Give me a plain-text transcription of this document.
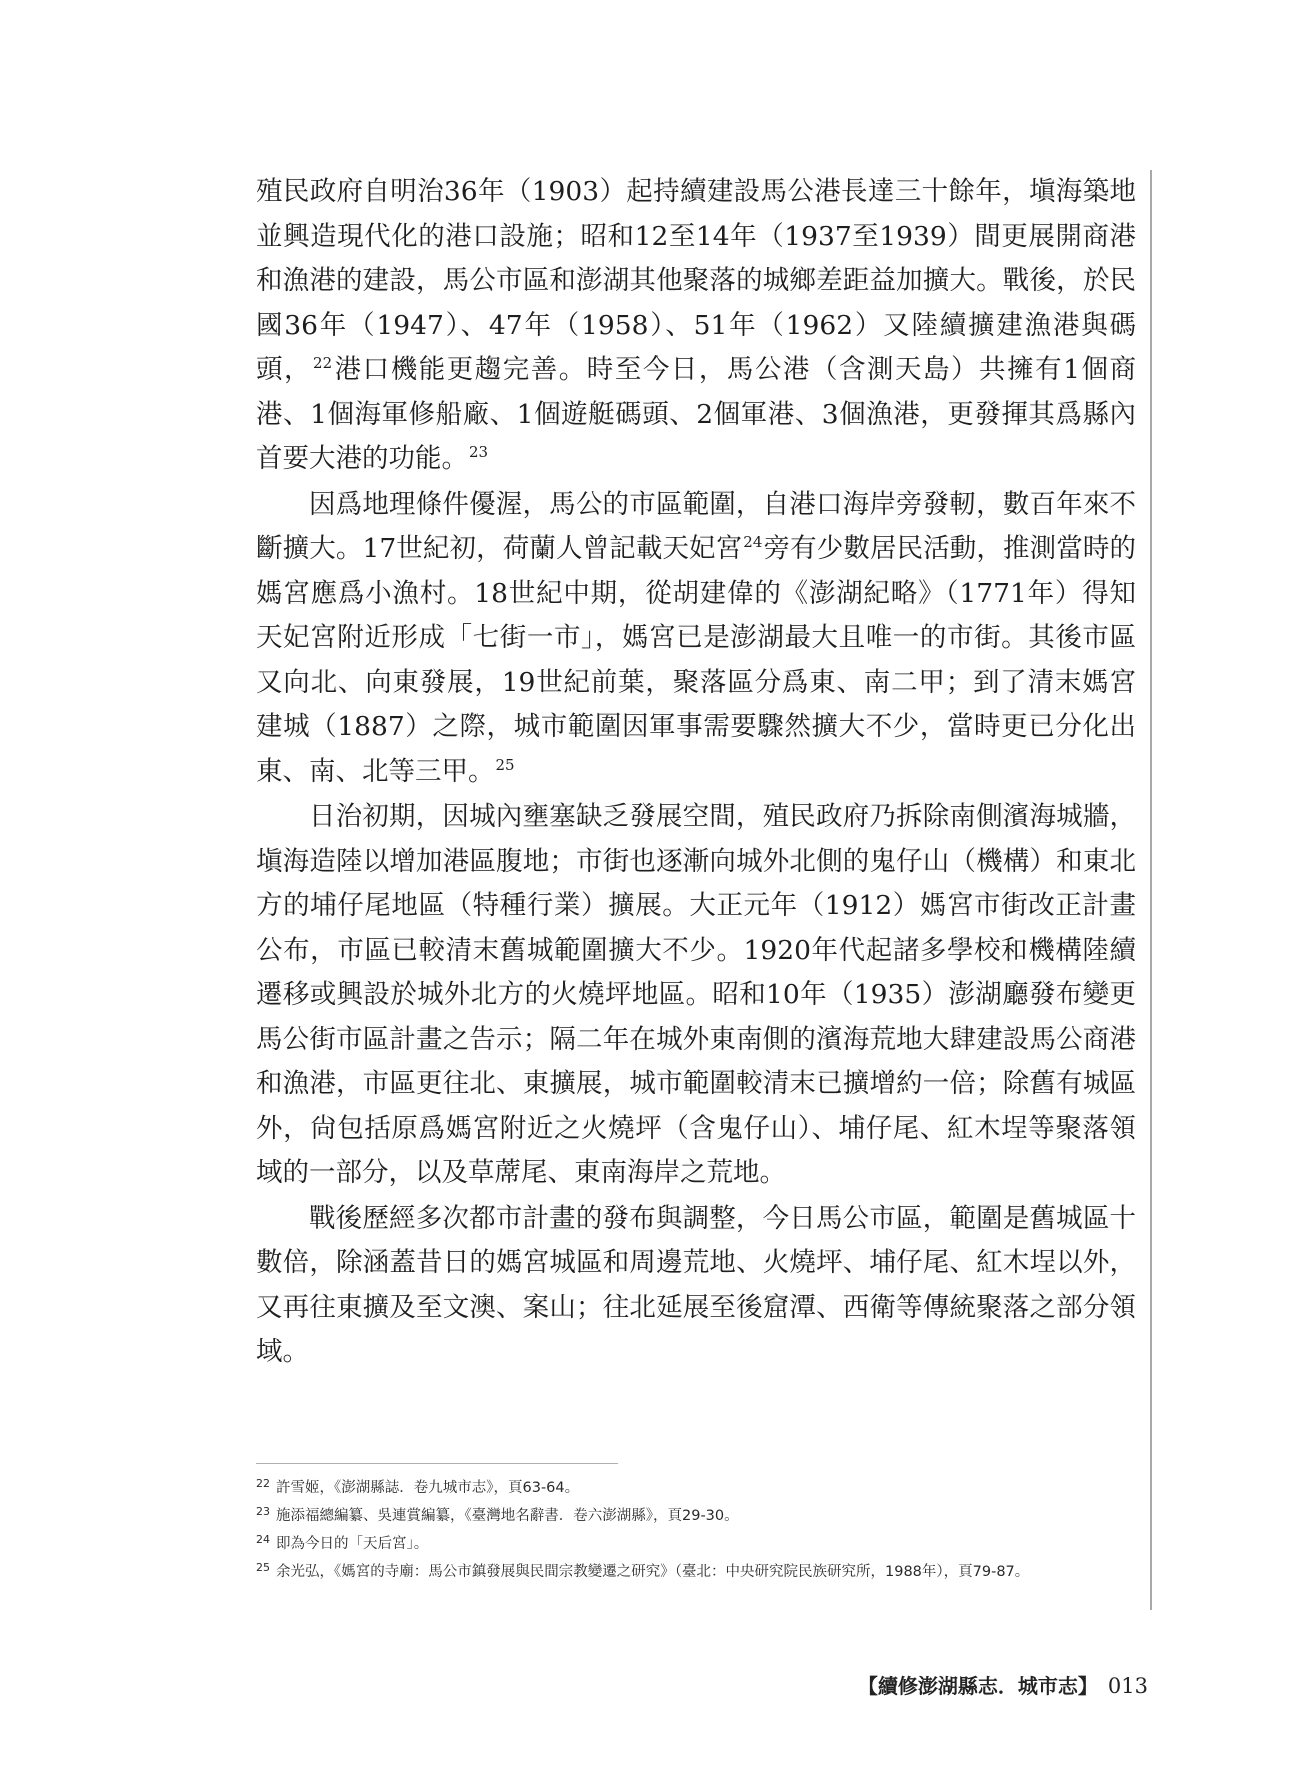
殖民政府自明治36年（1903）起持續建設馬公港長達三十餘年，塡海築地並興造現代化的港口設施；昭和12至14年（1937至1939）間更展開商港和漁港的建設，馬公市區和澎湖其他聚落的城鄉差距益加擴大。戰後，於民國36年（1947）、47年（1958）、51年（1962）又陸續擴建漁港與碼頭，$^{22}$港口機能更趨完善。時至今日，馬公港（含測天島）共擁有1個商港、1個海軍修船廠、1個遊艇碼頭、2個軍港、3個漁港，更發揮其爲縣內首要大港的功能。$^{23}$

因爲地理條件優渥，馬公的市區範圍，自港口海岸旁發軔，數百年來不斷擴大。17世紀初，荷蘭人曾記載天妃宮$^{24}$旁有少數居民活動，推測當時的媽宮應爲小漁村。18世紀中期，從胡建偉的《澎湖紀略》（1771年）得知天妃宮附近形成「七街一市」，媽宮已是澎湖最大且唯一的市街。其後市區又向北、向東發展，19世紀前葉，聚落區分爲東、南二甲；到了清末媽宮建城（1887）之際，城市範圍因軍事需要驟然擴大不少，當時更已分化出東、南、北等三甲。$^{25}$

日治初期，因城內壅塞缺乏發展空間，殖民政府乃拆除南側濱海城牆，塡海造陸以增加港區腹地；市街也逐漸向城外北側的鬼仔山（機構）和東北方的埔仔尾地區（特種行業）擴展。大正元年（1912）媽宮市街改正計畫公布，市區已較清末舊城範圍擴大不少。1920年代起諸多學校和機構陸續遷移或興設於城外北方的火燒坪地區。昭和10年（1935）澎湖廳發布變更馬公街市區計畫之告示；隔二年在城外東南側的濱海荒地大肆建設馬公商港和漁港，市區更往北、東擴展，城市範圍較清末已擴增約一倍；除舊有城區外，尙包括原爲媽宮附近之火燒坪（含鬼仔山）、埔仔尾、紅木埕等聚落領域的一部分，以及草蓆尾、東南海岸之荒地。

戰後歷經多次都市計畫的發布與調整，今日馬公市區，範圍是舊城區十數倍，除涵蓋昔日的媽宮城區和周邊荒地、火燒坪、埔仔尾、紅木埕以外，又再往東擴及至文澳、案山；往北延展至後窟潭、西衛等傳統聚落之部分領域。

22 許雪姬，《澎湖縣誌．卷九城市志》，頁63-64。
23 施添福總編纂、吳連賞編纂，《臺灣地名辭書．卷六澎湖縣》，頁29-30。
24 即為今日的「天后宮」。
25 余光弘，《媽宮的寺廟：馬公市鎮發展與民間宗教變遷之研究》（臺北：中央研究院民族研究所，1988年），頁79-87。
【續修澎湖縣志．城市志】 013
